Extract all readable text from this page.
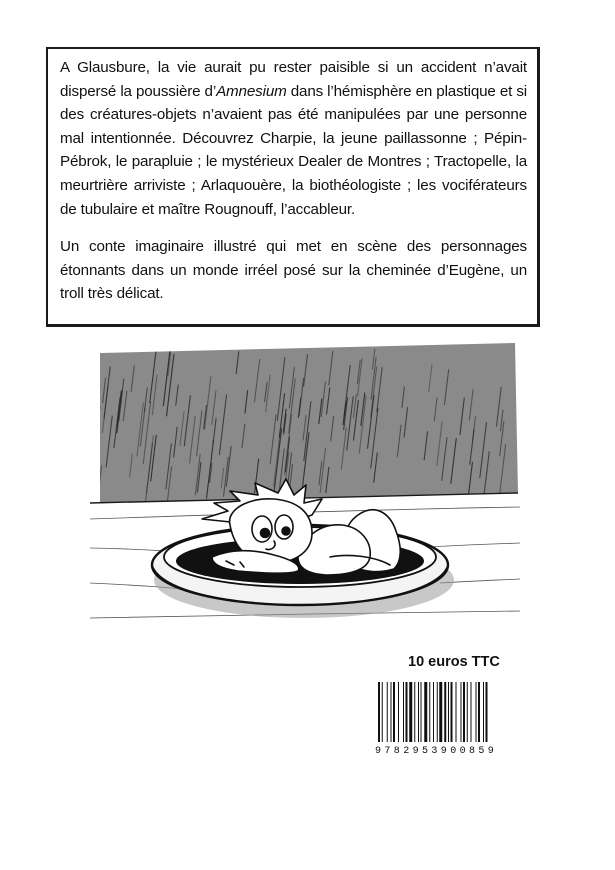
A Glausbure, la vie aurait pu rester paisible si un accident n’avait dispersé la poussière d’Amnesium dans l’hémisphère en plastique et si des créatures-objets n’avaient pas été manipulées par une personne mal intentionnée. Découvrez Charpie, la jeune paillassonne ; Pépin-Pébrok, le parapluie ; le mystérieux Dealer de Montres ; Tractopelle, la meurtrière arriviste ; Arlaquouère, la biothéologiste ; les vociférateurs de tubulaire et maître Rougnouff, l’accableur.

Un conte imaginaire illustré qui met en scène des personnages étonnants dans un monde irréel posé sur la cheminée d’Eugène, un troll très délicat.

10 euros TTC
9782953900859
